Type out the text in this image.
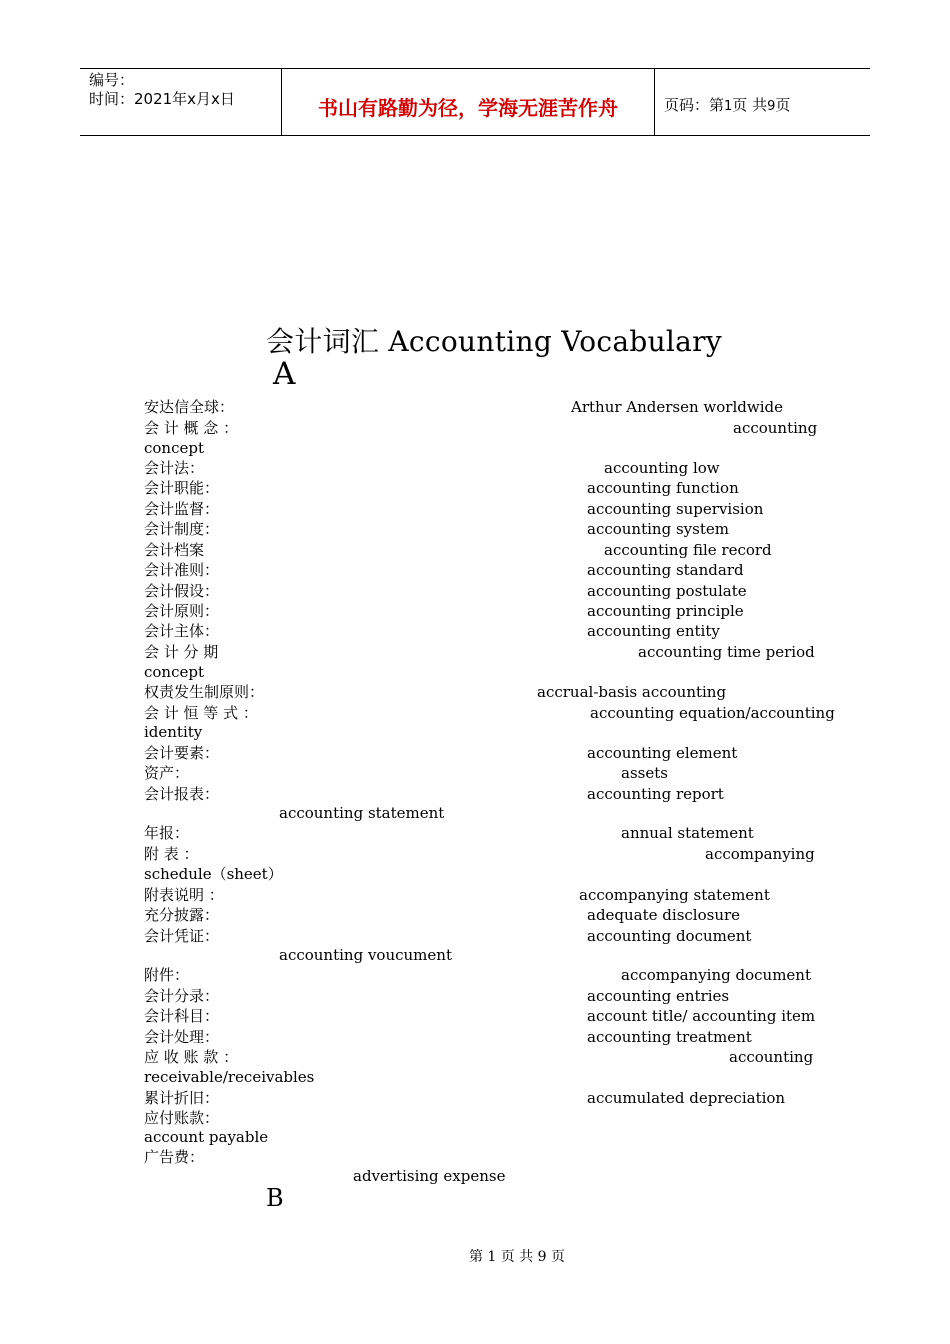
编号：
时间：2021年x月x日	书山有路勤为径，学海无涯苦作舟	页码：第1页 共9页
会计词汇 Accounting Vocabulary
A
安达信全球：	Arthur Andersen worldwide
会 计 概 念 ：	accounting
concept
会计法：	accounting low
会计职能：	accounting function
会计监督：	accounting supervision
会计制度：	accounting system
会计档案	accounting file record
会计准则：	accounting standard
会计假设：	accounting postulate
会计原则：	accounting principle
会计主体：	accounting entity
会 计 分 期	accounting time period
concept
权责发生制原则：	accrual-basis accounting
会 计 恒 等 式 ：	accounting equation/accounting
identity
会计要素：	accounting element
资产：	assets
会计报表：	accounting report
accounting statement
年报：	annual statement
附 表 ：	accompanying
schedule（sheet）
附表说明 ：	accompanying statement
充分披露：	adequate disclosure
会计凭证：	accounting document
accounting voucument
附件：	accompanying document
会计分录：	accounting entries
会计科目：	account title/ accounting item
会计处理：	accounting treatment
应 收 账 款 ：	accounting
receivable/receivables
累计折旧：	accumulated depreciation
应付账款：
account payable
广告费：
advertising expense
B
第 1 页 共 9 页
